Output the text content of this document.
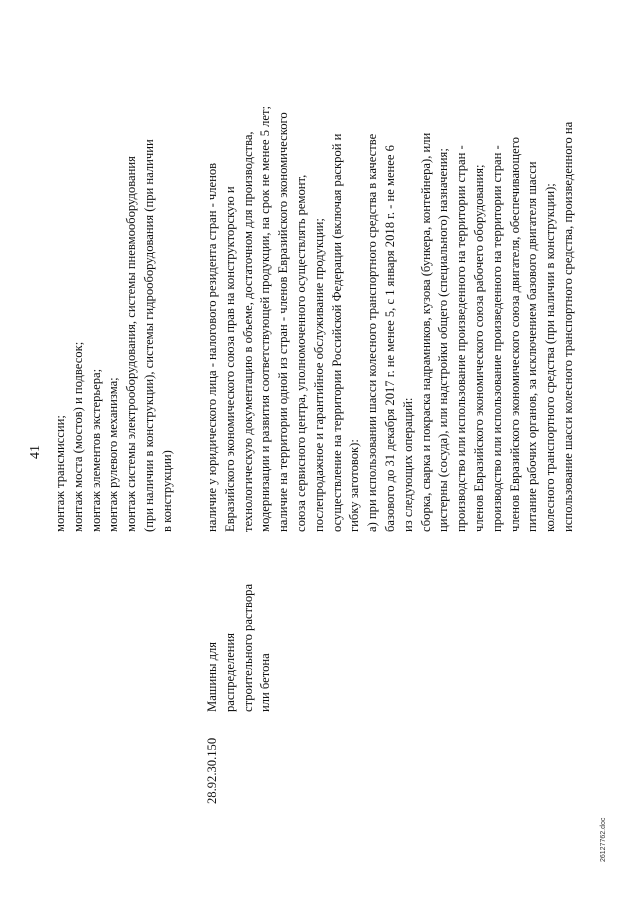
41 монтаж трансмиссии; монтаж моста (мостов) и подвесок; монтаж элементов экстерьера; монтаж рулевого механизма; монтаж системы электрооборудования, системы пневмооборудования (при наличии в конструкции), системы гидрооборудования (при наличии в конструкции)
28.92.30.150
Машины для распределения строительного раствора или бетона
наличие у юридического лица - налогового резидента стран - членов Евразийского экономического союза прав на конструкторскую и технологическую документацию в объеме, достаточном для производства, модернизации и развития соответствующей продукции, на срок не менее 5 лет; наличие на территории одной из стран - членов Евразийского экономического союза сервисного центра, уполномоченного осуществлять ремонт, послепродажное и гарантийное обслуживание продукции; осуществление на территории Российской Федерации (включая раскрой и гибку заготовок): а) при использовании шасси колесного транспортного средства в качестве базового до 31 декабря 2017 г. не менее 5, с 1 января 2018 г. - не менее 6 из следующих операций: сборка, сварка и покраска надрамников, кузова (бункера, контейнера), или цистерны (сосуда), или надстройки общего (специального) назначения; производство или использование произведенного на территории стран - членов Евразийского экономического союза рабочего оборудования; производство или использование произведенного на территории стран - членов Евразийского экономического союза двигателя, обеспечивающего питание рабочих органов, за исключением базового двигателя шасси колесного транспортного средства (при наличии в конструкции); использование шасси колесного транспортного средства, произведенного на
26127762.doc
